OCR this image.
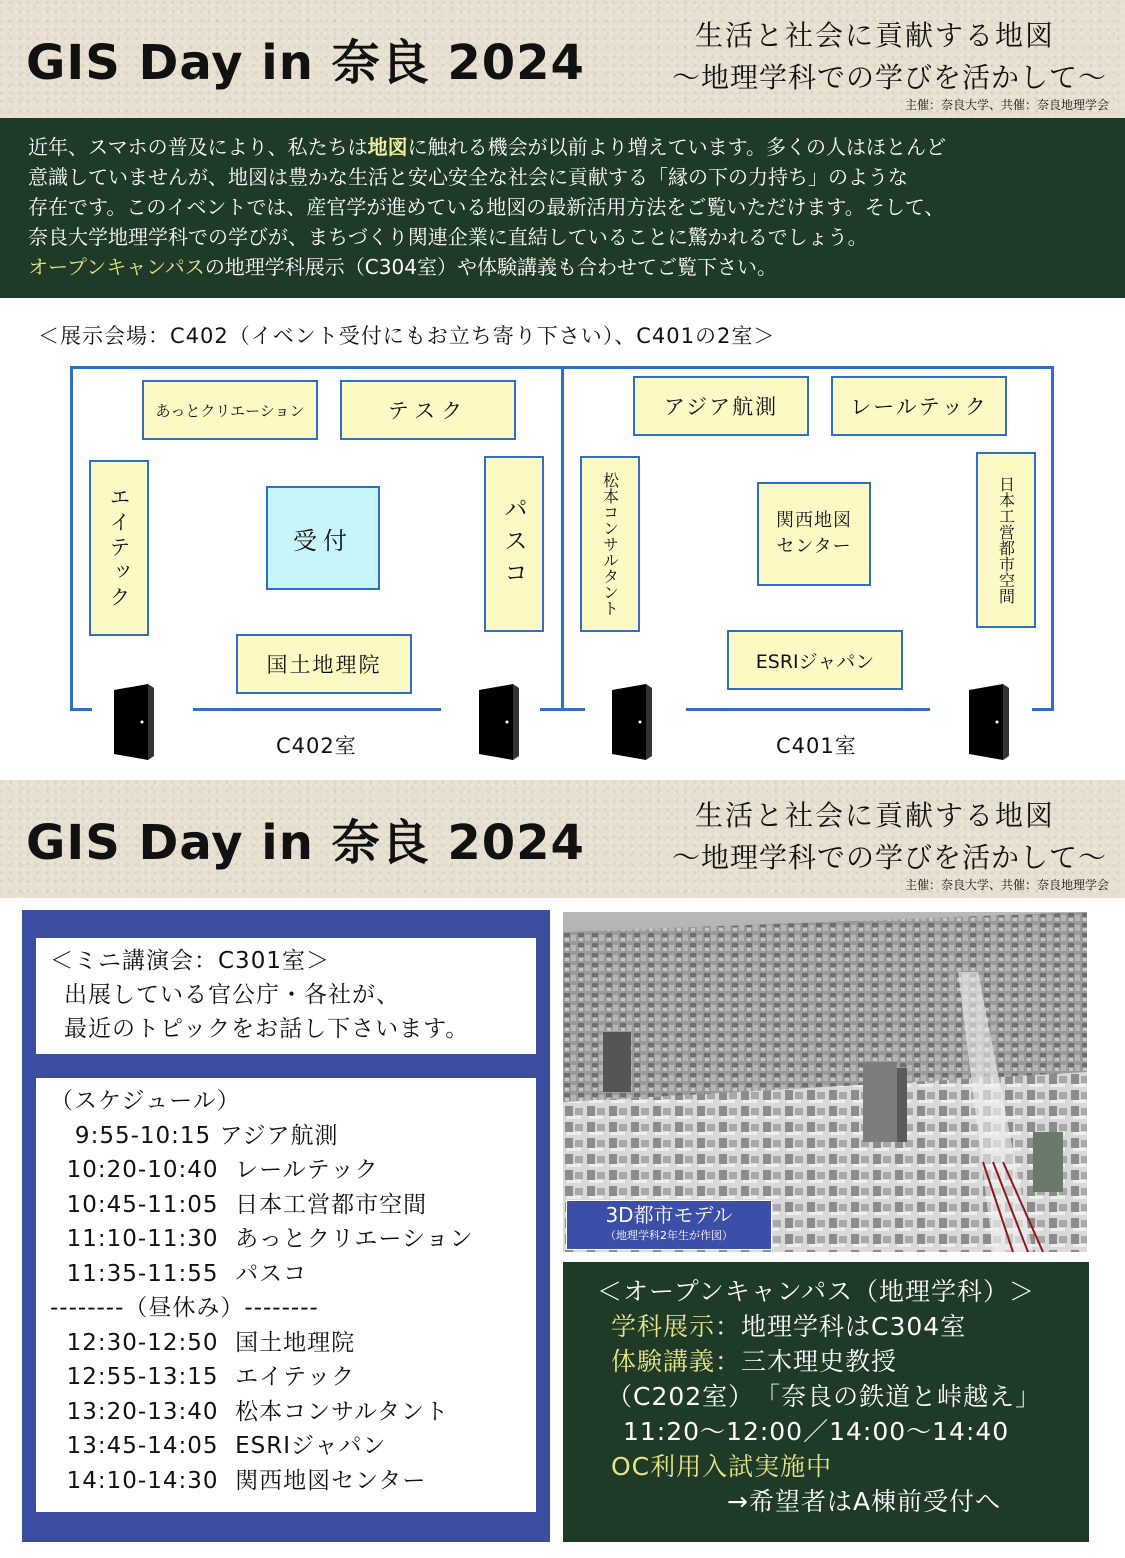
GIS Day in 奈良 2024	生活と社会に貢献する地図
〜地理学科での学びを活かして〜
主催：奈良大学、共催：奈良地理学会
近年、スマホの普及により、私たちは地図に触れる機会が以前より増えています。多くの人はほとんど
意識していませんが、地図は豊かな生活と安心安全な社会に貢献する「縁の下の力持ち」のような
存在です。このイベントでは、産官学が進めている地図の最新活用方法をご覧いただけます。そして、
奈良大学地理学科での学びが、まちづくり関連企業に直結していることに驚かれるでしょう。
オープンキャンパスの地理学科展示（C304室）や体験講義も合わせてご覧下さい。
＜展示会場：C402（イベント受付にもお立ち寄り下さい）、C401の2室＞
あっとクリエーション	テスク
エイテック	受付	パスコ
国土地理院
アジア航測	レールテック
松本コンサルタント	関西地図センター	日本工営都市空間
ESRIジャパン
C402室	C401室
GIS Day in 奈良 2024	生活と社会に貢献する地図
〜地理学科での学びを活かして〜
主催：奈良大学、共催：奈良地理学会
＜ミニ講演会：C301室＞
出展している官公庁・各社が、
最近のトピックをお話し下さいます。
（スケジュール）
9:55-10:15 アジア航測
10:20-10:40  レールテック
10:45-11:05  日本工営都市空間
11:10-11:30  あっとクリエーション
11:35-11:55  パスコ
--------（昼休み）--------
12:30-12:50  国土地理院
12:55-13:15  エイテック
13:20-13:40  松本コンサルタント
13:45-14:05  ESRIジャパン
14:10-14:30  関西地図センター
3D都市モデル
（地理学科2年生が作図）
＜オープンキャンパス（地理学科）＞
学科展示：地理学科はC304室
体験講義：三木理史教授
（C202室）　「奈良の鉄道と峠越え」
11:20〜12:00／14:00〜14:40
OC利用入試実施中
→希望者はA棟前受付へ
